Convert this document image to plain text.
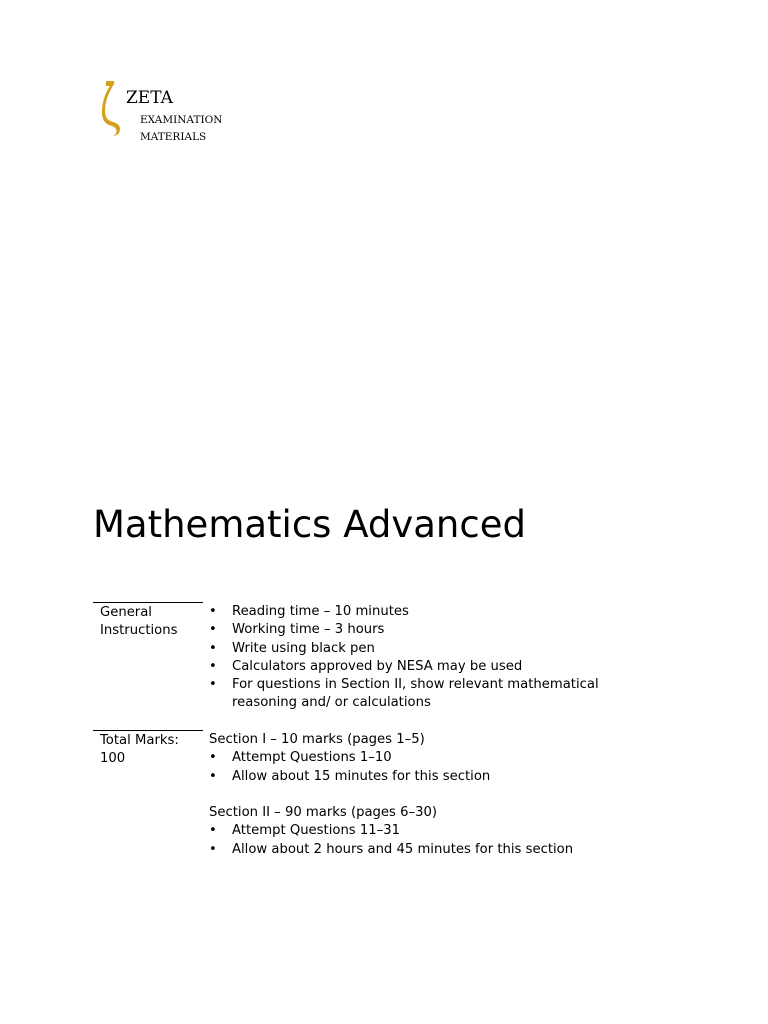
ZETA
EXAMINATION
MATERIALS
Mathematics Advanced
General
Instructions
• Reading time – 10 minutes
• Working time – 3 hours
• Write using black pen
• Calculators approved by NESA may be used
• For questions in Section II, show relevant mathematical
reasoning and/ or calculations
Total Marks:
100
Section I – 10 marks (pages 1–5)
• Attempt Questions 1–10
• Allow about 15 minutes for this section
Section II – 90 marks (pages 6–30)
• Attempt Questions 11–31
• Allow about 2 hours and 45 minutes for this section
